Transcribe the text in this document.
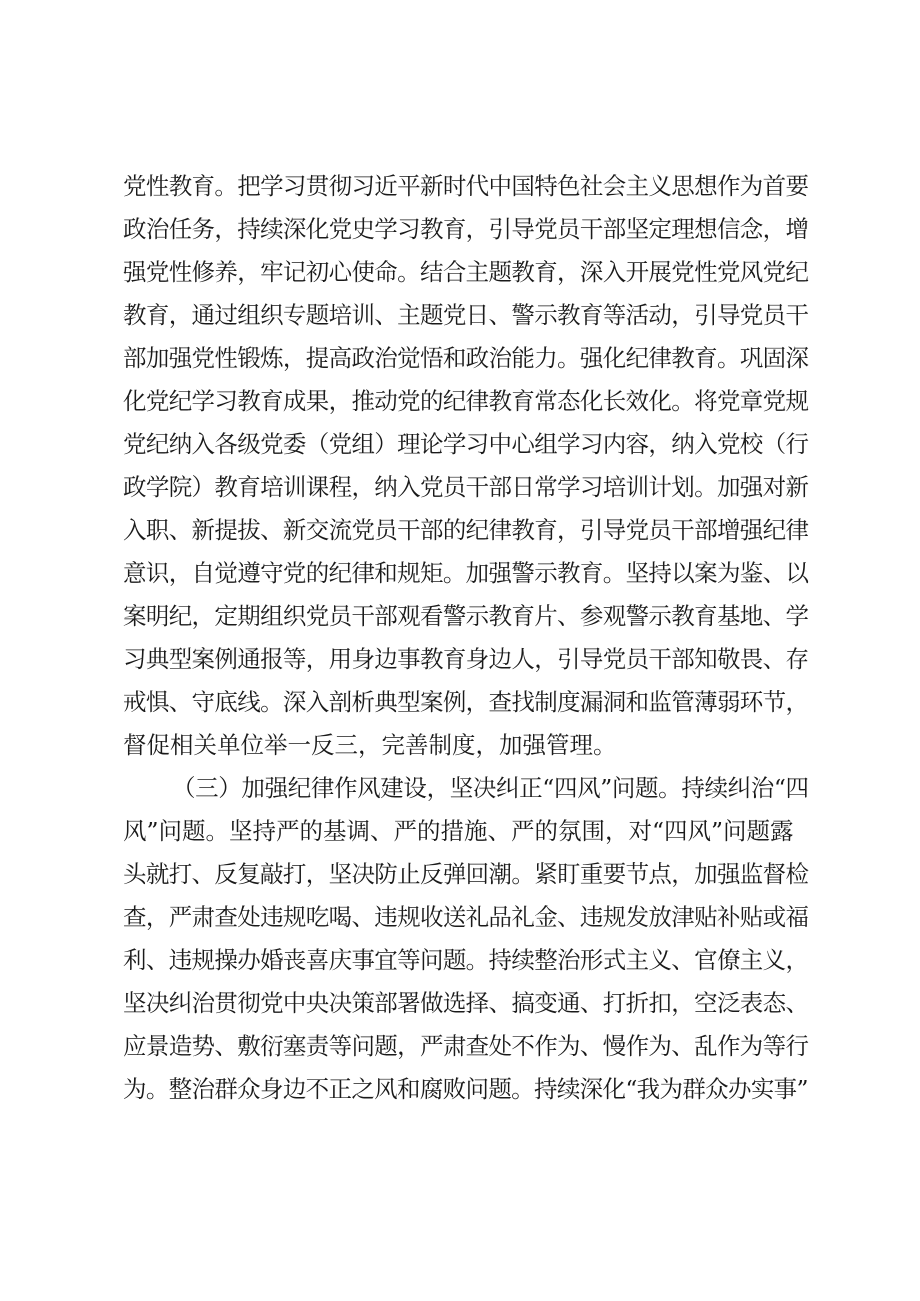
党性教育。把学习贯彻习近平新时代中国特色社会主义思想作为首要
政治任务，持续深化党史学习教育，引导党员干部坚定理想信念，增
强党性修养，牢记初心使命。结合主题教育，深入开展党性党风党纪
教育，通过组织专题培训、主题党日、警示教育等活动，引导党员干
部加强党性锻炼，提高政治觉悟和政治能力。强化纪律教育。巩固深
化党纪学习教育成果，推动党的纪律教育常态化长效化。将党章党规
党纪纳入各级党委（党组）理论学习中心组学习内容，纳入党校（行
政学院）教育培训课程，纳入党员干部日常学习培训计划。加强对新
入职、新提拔、新交流党员干部的纪律教育，引导党员干部增强纪律
意识，自觉遵守党的纪律和规矩。加强警示教育。坚持以案为鉴、以
案明纪，定期组织党员干部观看警示教育片、参观警示教育基地、学
习典型案例通报等，用身边事教育身边人，引导党员干部知敬畏、存
戒惧、守底线。深入剖析典型案例，查找制度漏洞和监管薄弱环节，
督促相关单位举一反三，完善制度，加强管理。
（三）加强纪律作风建设，坚决纠正“四风”问题。持续纠治“四
风”问题。坚持严的基调、严的措施、严的氛围，对“四风”问题露
头就打、反复敲打，坚决防止反弹回潮。紧盯重要节点，加强监督检
查，严肃查处违规吃喝、违规收送礼品礼金、违规发放津贴补贴或福
利、违规操办婚丧喜庆事宜等问题。持续整治形式主义、官僚主义，
坚决纠治贯彻党中央决策部署做选择、搞变通、打折扣，空泛表态、
应景造势、敷衍塞责等问题，严肃查处不作为、慢作为、乱作为等行
为。整治群众身边不正之风和腐败问题。持续深化“我为群众办实事”
